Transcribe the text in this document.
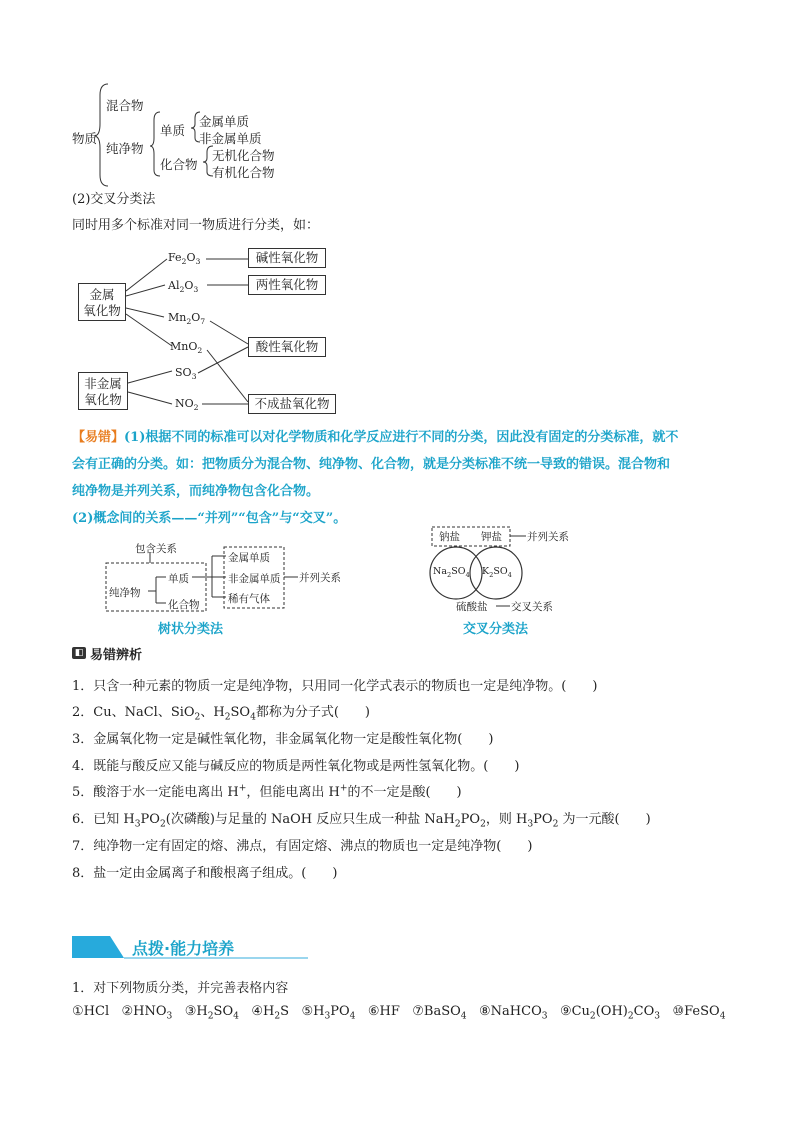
物质
混合物
纯净物
单质
金属单质
非金属单质
化合物
无机化合物
有机化合物
(2)交叉分类法
同时用多个标准对同一物质进行分类，如：
金属
氧化物
非金属
氧化物
$Fe_2O_3$
$Al_2O_3$
$Mn_2O_7$
MnO$_2$
$SO_3$
$NO_2$
碱性氧化物
两性氧化物
酸性氧化物
不成盐氧化物
【易错】(1)根据不同的标准可以对化学物质和化学反应进行不同的分类，因此没有固定的分类标准，就不
会有正确的分类。如：把物质分为混合物、纯净物、化合物，就是分类标准不统一导致的错误。混合物和
纯净物是并列关系，而纯净物包含化合物。
(2)概念间的关系——“并列”“包含”与“交叉”。
包含关系
纯净物
单质
化合物
金属单质
非金属单质
稀有气体
并列关系
树状分类法
钠盐 钾盐 并列关系
$Na_2SO_4$ $K_2SO_4$
硫酸盐 交叉关系
交叉分类法
◧ 易错辨析
1．只含一种元素的物质一定是纯净物，只用同一化学式表示的物质也一定是纯净物。(　　)
2．Cu、NaCl、SiO$_2$、$H_2SO_4$都称为分子式(　　)
3．金属氧化物一定是碱性氧化物，非金属氧化物一定是酸性氧化物(　　)
4．既能与酸反应又能与碱反应的物质是两性氧化物或是两性氢氧化物。(　　)
5．酸溶于水一定能电离出 H+，但能电离出 H+的不一定是酸(　　)
6．已知 $H_3PO_2$(次磷酸)与足量的 NaOH 反应只生成一种盐 $NaH_2PO_2$，则 $H_3PO_2$ 为一元酸(　　)
7．纯净物一定有固定的熔、沸点，有固定熔、沸点的物质也一定是纯净物(　　)
8．盐一定由金属离子和酸根离子组成。(　　)
点拨·能力培养
1．对下列物质分类，并完善表格内容
①HCl $②HNO_3$ $③H_2SO_4$ $④H_2S$ $⑤H_3PO_4$ ⑥HF ⑦BaSO$_4$ ⑧NaHCO$_3$ $⑨Cu_2(OH)_2CO_3$ ⑩FeSO$_4$
